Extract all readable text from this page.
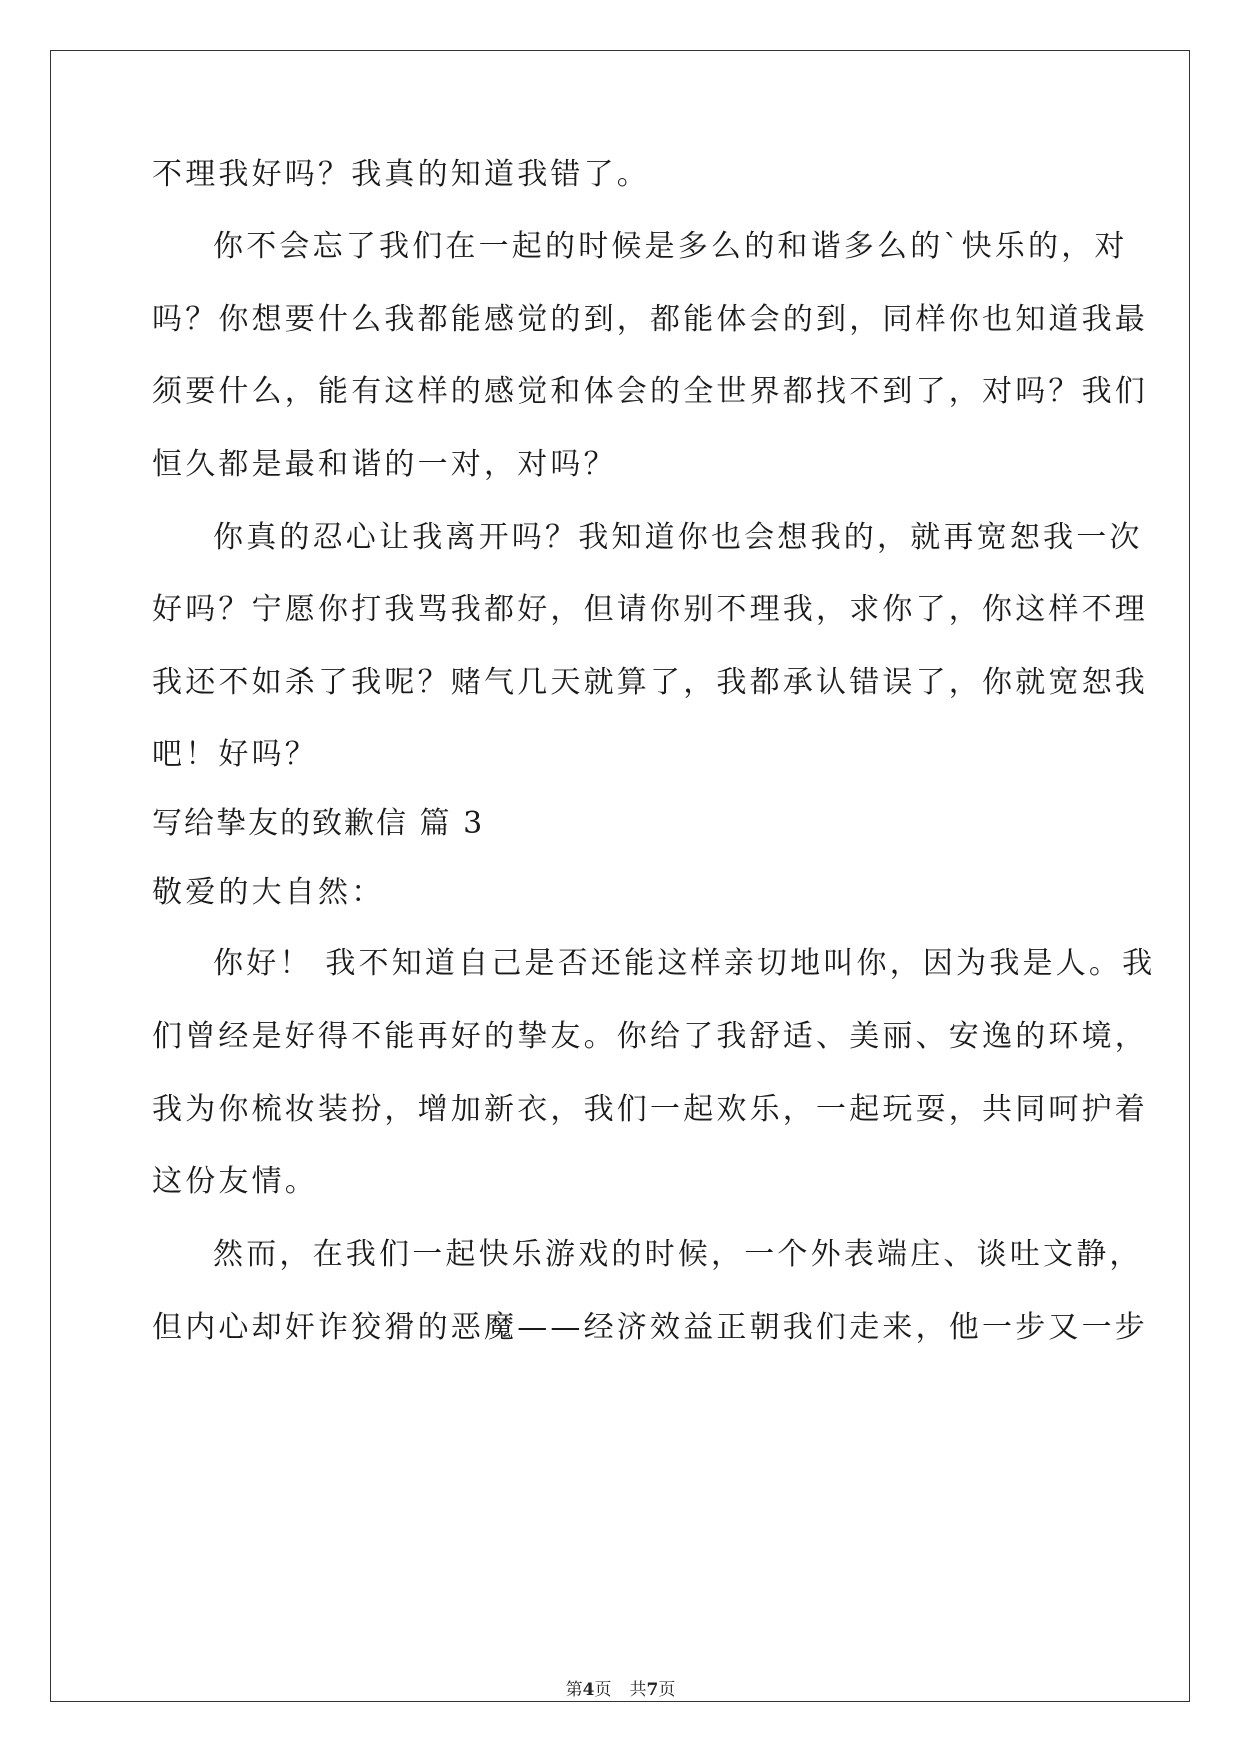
不理我好吗？我真的知道我错了。
你不会忘了我们在一起的时候是多么的和谐多么的`快乐的，对
吗？你想要什么我都能感觉的到，都能体会的到，同样你也知道我最
须要什么，能有这样的感觉和体会的全世界都找不到了，对吗？我们
恒久都是最和谐的一对，对吗？
你真的忍心让我离开吗？我知道你也会想我的，就再宽恕我一次
好吗？宁愿你打我骂我都好，但请你别不理我，求你了，你这样不理
我还不如杀了我呢？赌气几天就算了，我都承认错误了，你就宽恕我
吧！好吗？
写给挚友的致歉信 篇 3
敬爱的大自然：
你好！ 我不知道自己是否还能这样亲切地叫你，因为我是人。我
们曾经是好得不能再好的挚友。你给了我舒适、美丽、安逸的环境，
我为你梳妆装扮，增加新衣，我们一起欢乐，一起玩耍，共同呵护着
这份友情。
然而，在我们一起快乐游戏的时候，一个外表端庄、谈吐文静，
但内心却奸诈狡猾的恶魔——经济效益正朝我们走来，他一步又一步
第4页 共7页
